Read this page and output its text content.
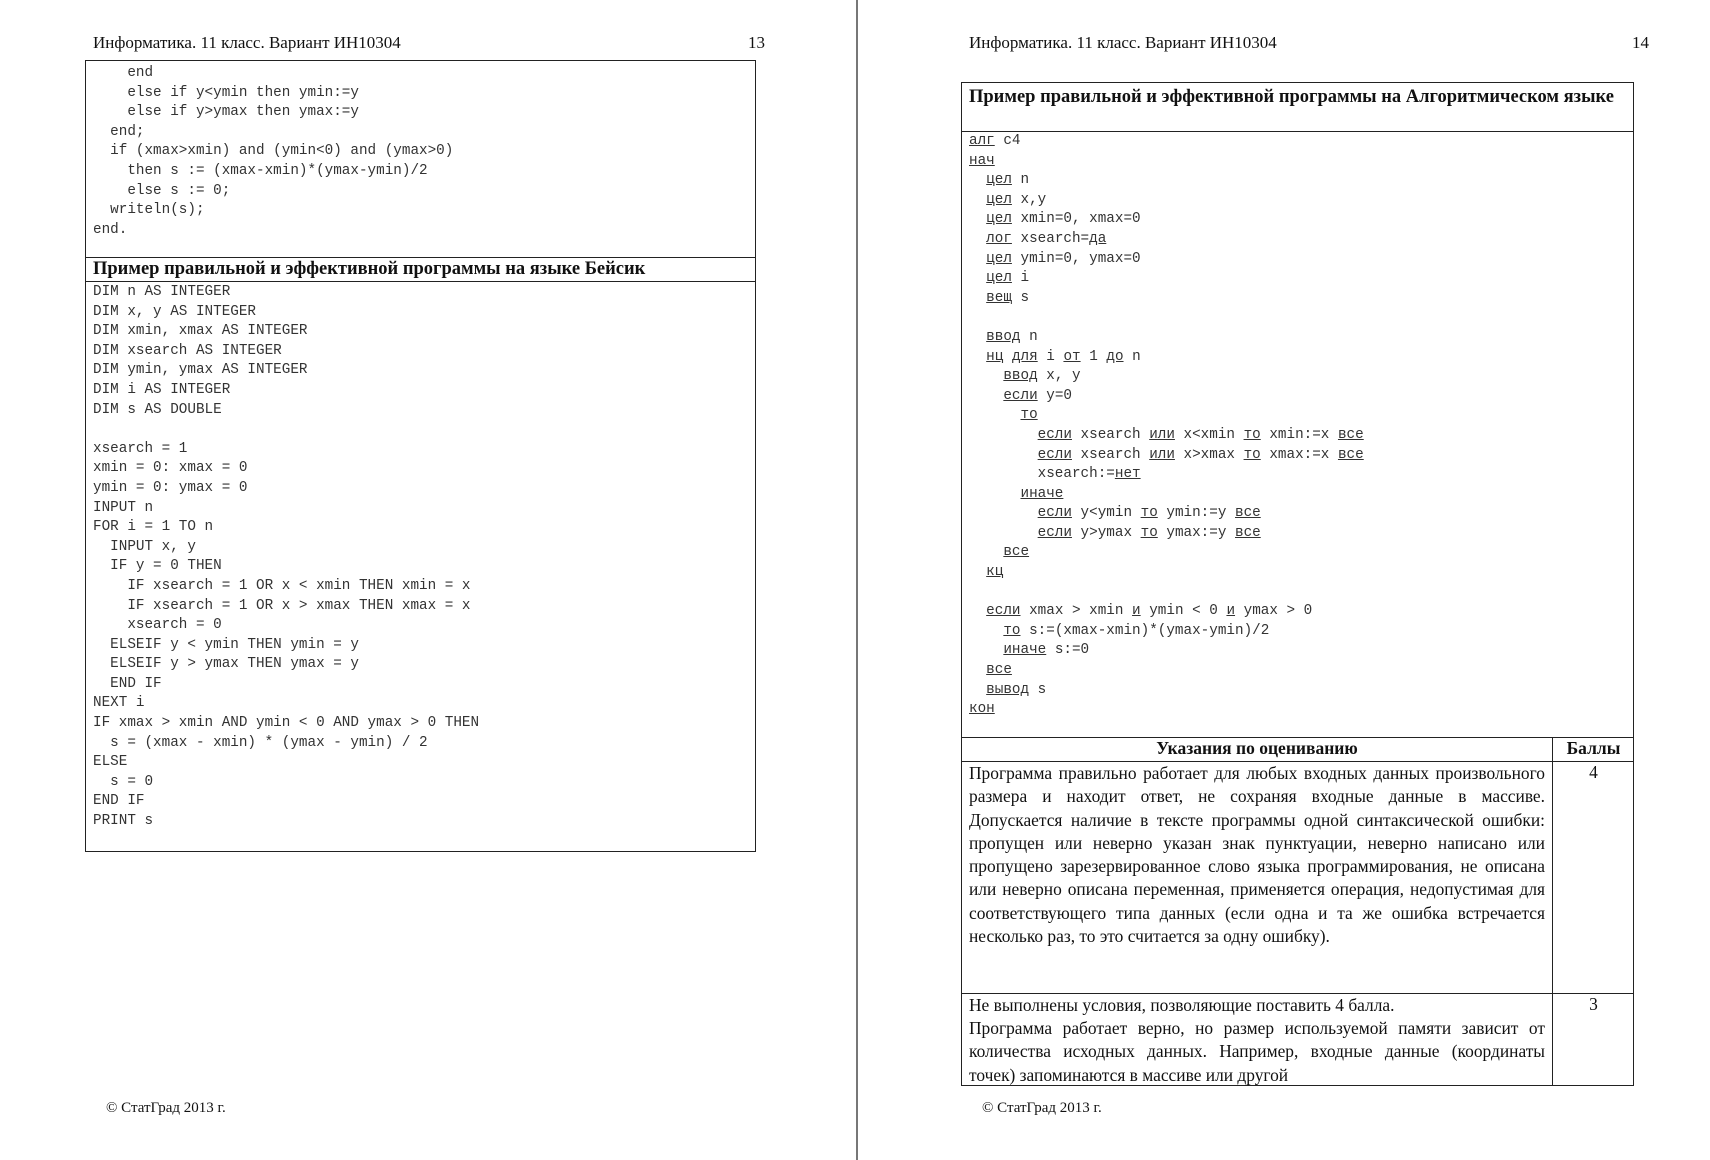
Информатика. 11 класс. Вариант ИН10304	13
end
else if y<ymin then ymin:=y
else if y>ymax then ymax:=y
end;
if (xmax>xmin) and (ymin<0) and (ymax>0)
then s := (xmax-xmin)*(ymax-ymin)/2
else s := 0;
writeln(s);
end.
Пример правильной и эффективной программы на языке Бейсик
DIM n AS INTEGER
DIM x, y AS INTEGER
DIM xmin, xmax AS INTEGER
DIM xsearch AS INTEGER
DIM ymin, ymax AS INTEGER
DIM i AS INTEGER
DIM s AS DOUBLE

xsearch = 1
xmin = 0: xmax = 0
ymin = 0: ymax = 0
INPUT n
FOR i = 1 TO n
INPUT x, y
IF y = 0 THEN
IF xsearch = 1 OR x < xmin THEN xmin = x
IF xsearch = 1 OR x > xmax THEN xmax = x
xsearch = 0
ELSEIF y < ymin THEN ymin = y
ELSEIF y > ymax THEN ymax = y
END IF
NEXT i
IF xmax > xmin AND ymin < 0 AND ymax > 0 THEN
s = (xmax - xmin) * (ymax - ymin) / 2
ELSE
s = 0
END IF
PRINT s
© СтатГрад 2013 г.
Информатика. 11 класс. Вариант ИН10304	14
Пример правильной и эффективной программы на Алгоритмическом языке
алг c4
нач
цел n
цел x,y
цел xmin=0, xmax=0
лог xsearch=да
цел ymin=0, ymax=0
цел i
вещ s

ввод n
нц для i от 1 до n
ввод x, y
если y=0
то
если xsearch или x<xmin то xmin:=x все
если xsearch или x>xmax то xmax:=x все
xsearch:=нет
иначе
если y<ymin то ymin:=y все
если y>ymax то ymax:=y все
все
кц

если xmax > xmin и ymin < 0 и ymax > 0
то s:=(xmax-xmin)*(ymax-ymin)/2
иначе s:=0
все
вывод s
кон
Указания по оцениванию	Баллы
Программа правильно работает для любых входных данных произвольного размера и находит ответ, не сохраняя входные данные в массиве. Допускается наличие в тексте программы одной синтаксической ошибки: пропущен или неверно указан знак пунктуации, неверно написано или пропущено зарезервированное слово языка программирования, не описана или неверно описана переменная, применяется операция, недопустимая для соответствующего типа данных (если одна и та же ошибка встречается несколько раз, то это считается за одну ошибку).
4
Не выполнены условия, позволяющие поставить 4 балла.
Программа работает верно, но размер используемой памяти зависит от количества исходных данных. Например, входные данные (координаты точек) запоминаются в массиве или другой
3
© СтатГрад 2013 г.
